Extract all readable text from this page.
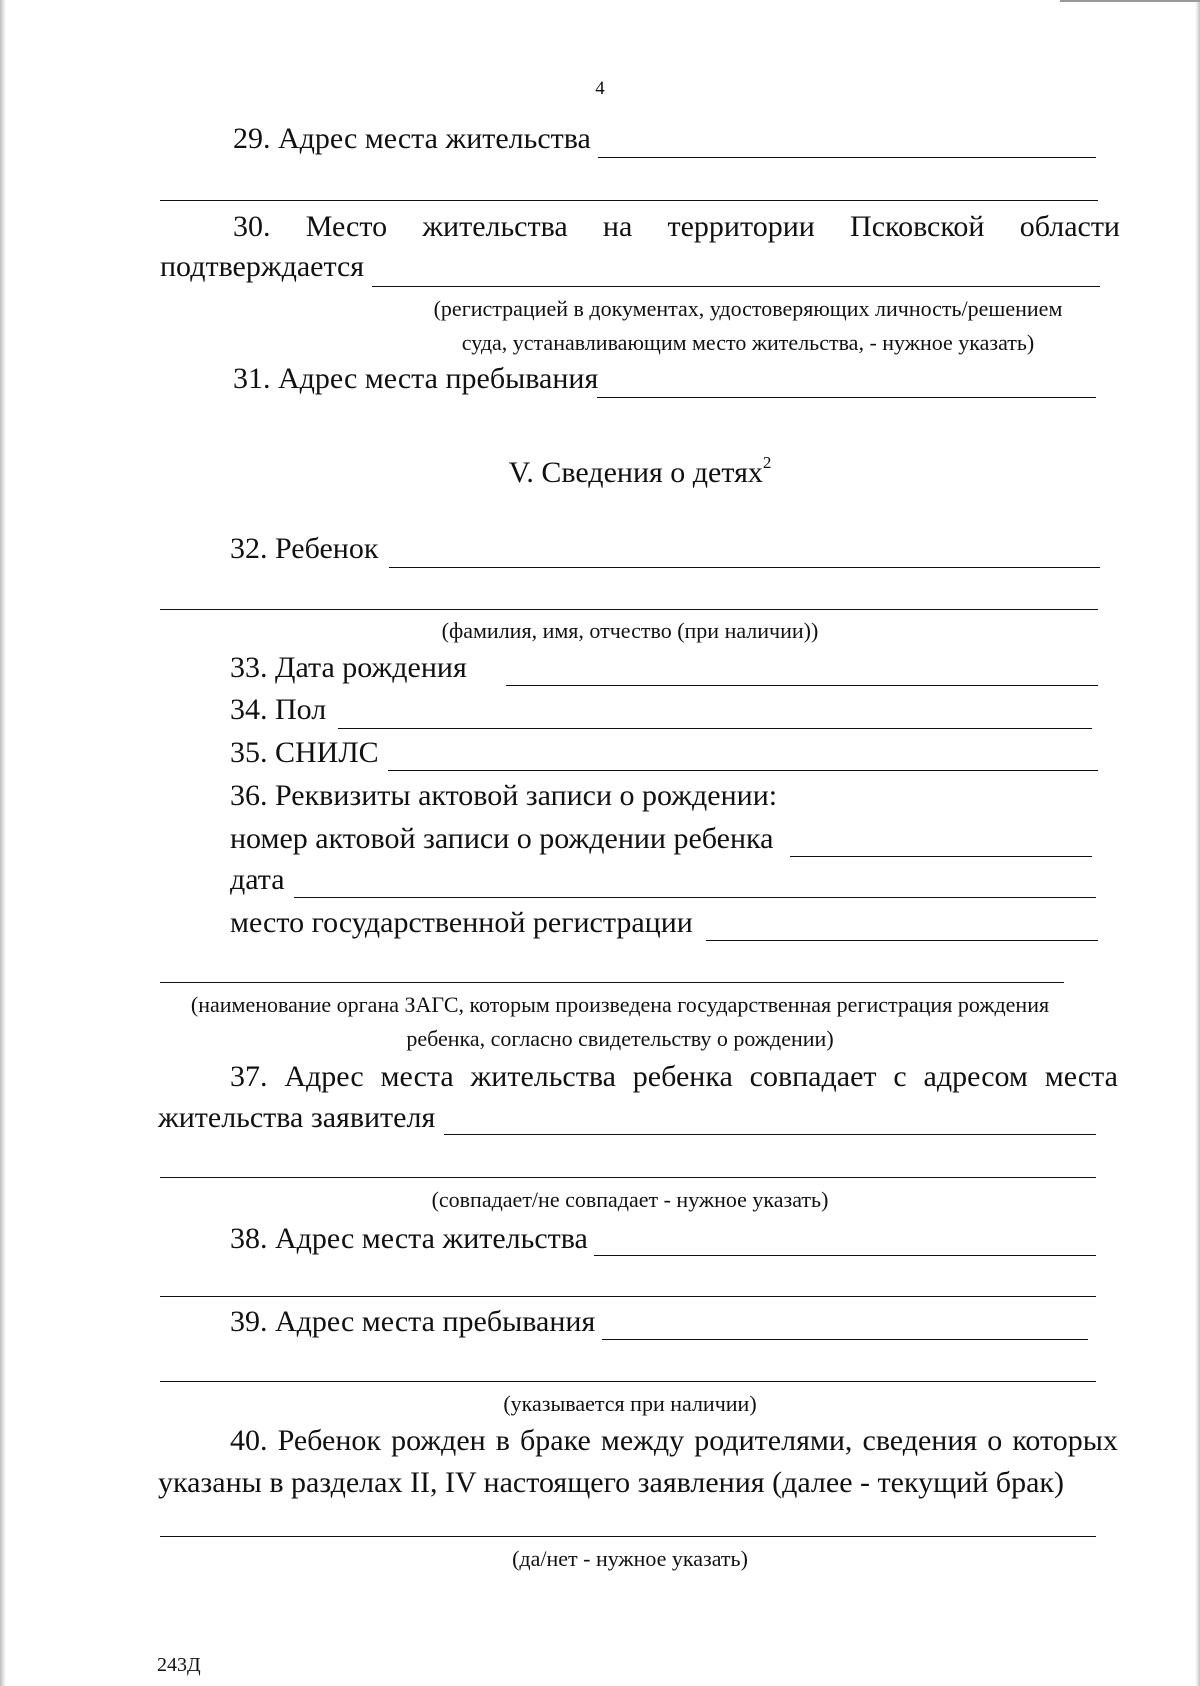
4
29. Адрес места жительства
30. Место жительства на территории Псковской области
подтверждается
(регистрацией в документах, удостоверяющих личность/решением
суда, устанавливающим место жительства, - нужное указать)
31. Адрес места пребывания
V. Сведения о детях$^2$
32. Ребенок
(фамилия, имя, отчество (при наличии))
33. Дата рождения
34. Пол
35. СНИЛС
36. Реквизиты актовой записи о рождении:
номер актовой записи о рождении ребенка
дата
место государственной регистрации
(наименование органа ЗАГС, которым произведена государственная регистрация рождения
ребенка, согласно свидетельству о рождении)
37. Адрес места жительства ребенка совпадает с адресом места
жительства заявителя
(совпадает/не совпадает - нужное указать)
38. Адрес места жительства
39. Адрес места пребывания
(указывается при наличии)
40. Ребенок рожден в браке между родителями, сведения о которых
указаны в разделах II, IV настоящего заявления (далее - текущий брак)
(да/нет - нужное указать)
243Д
